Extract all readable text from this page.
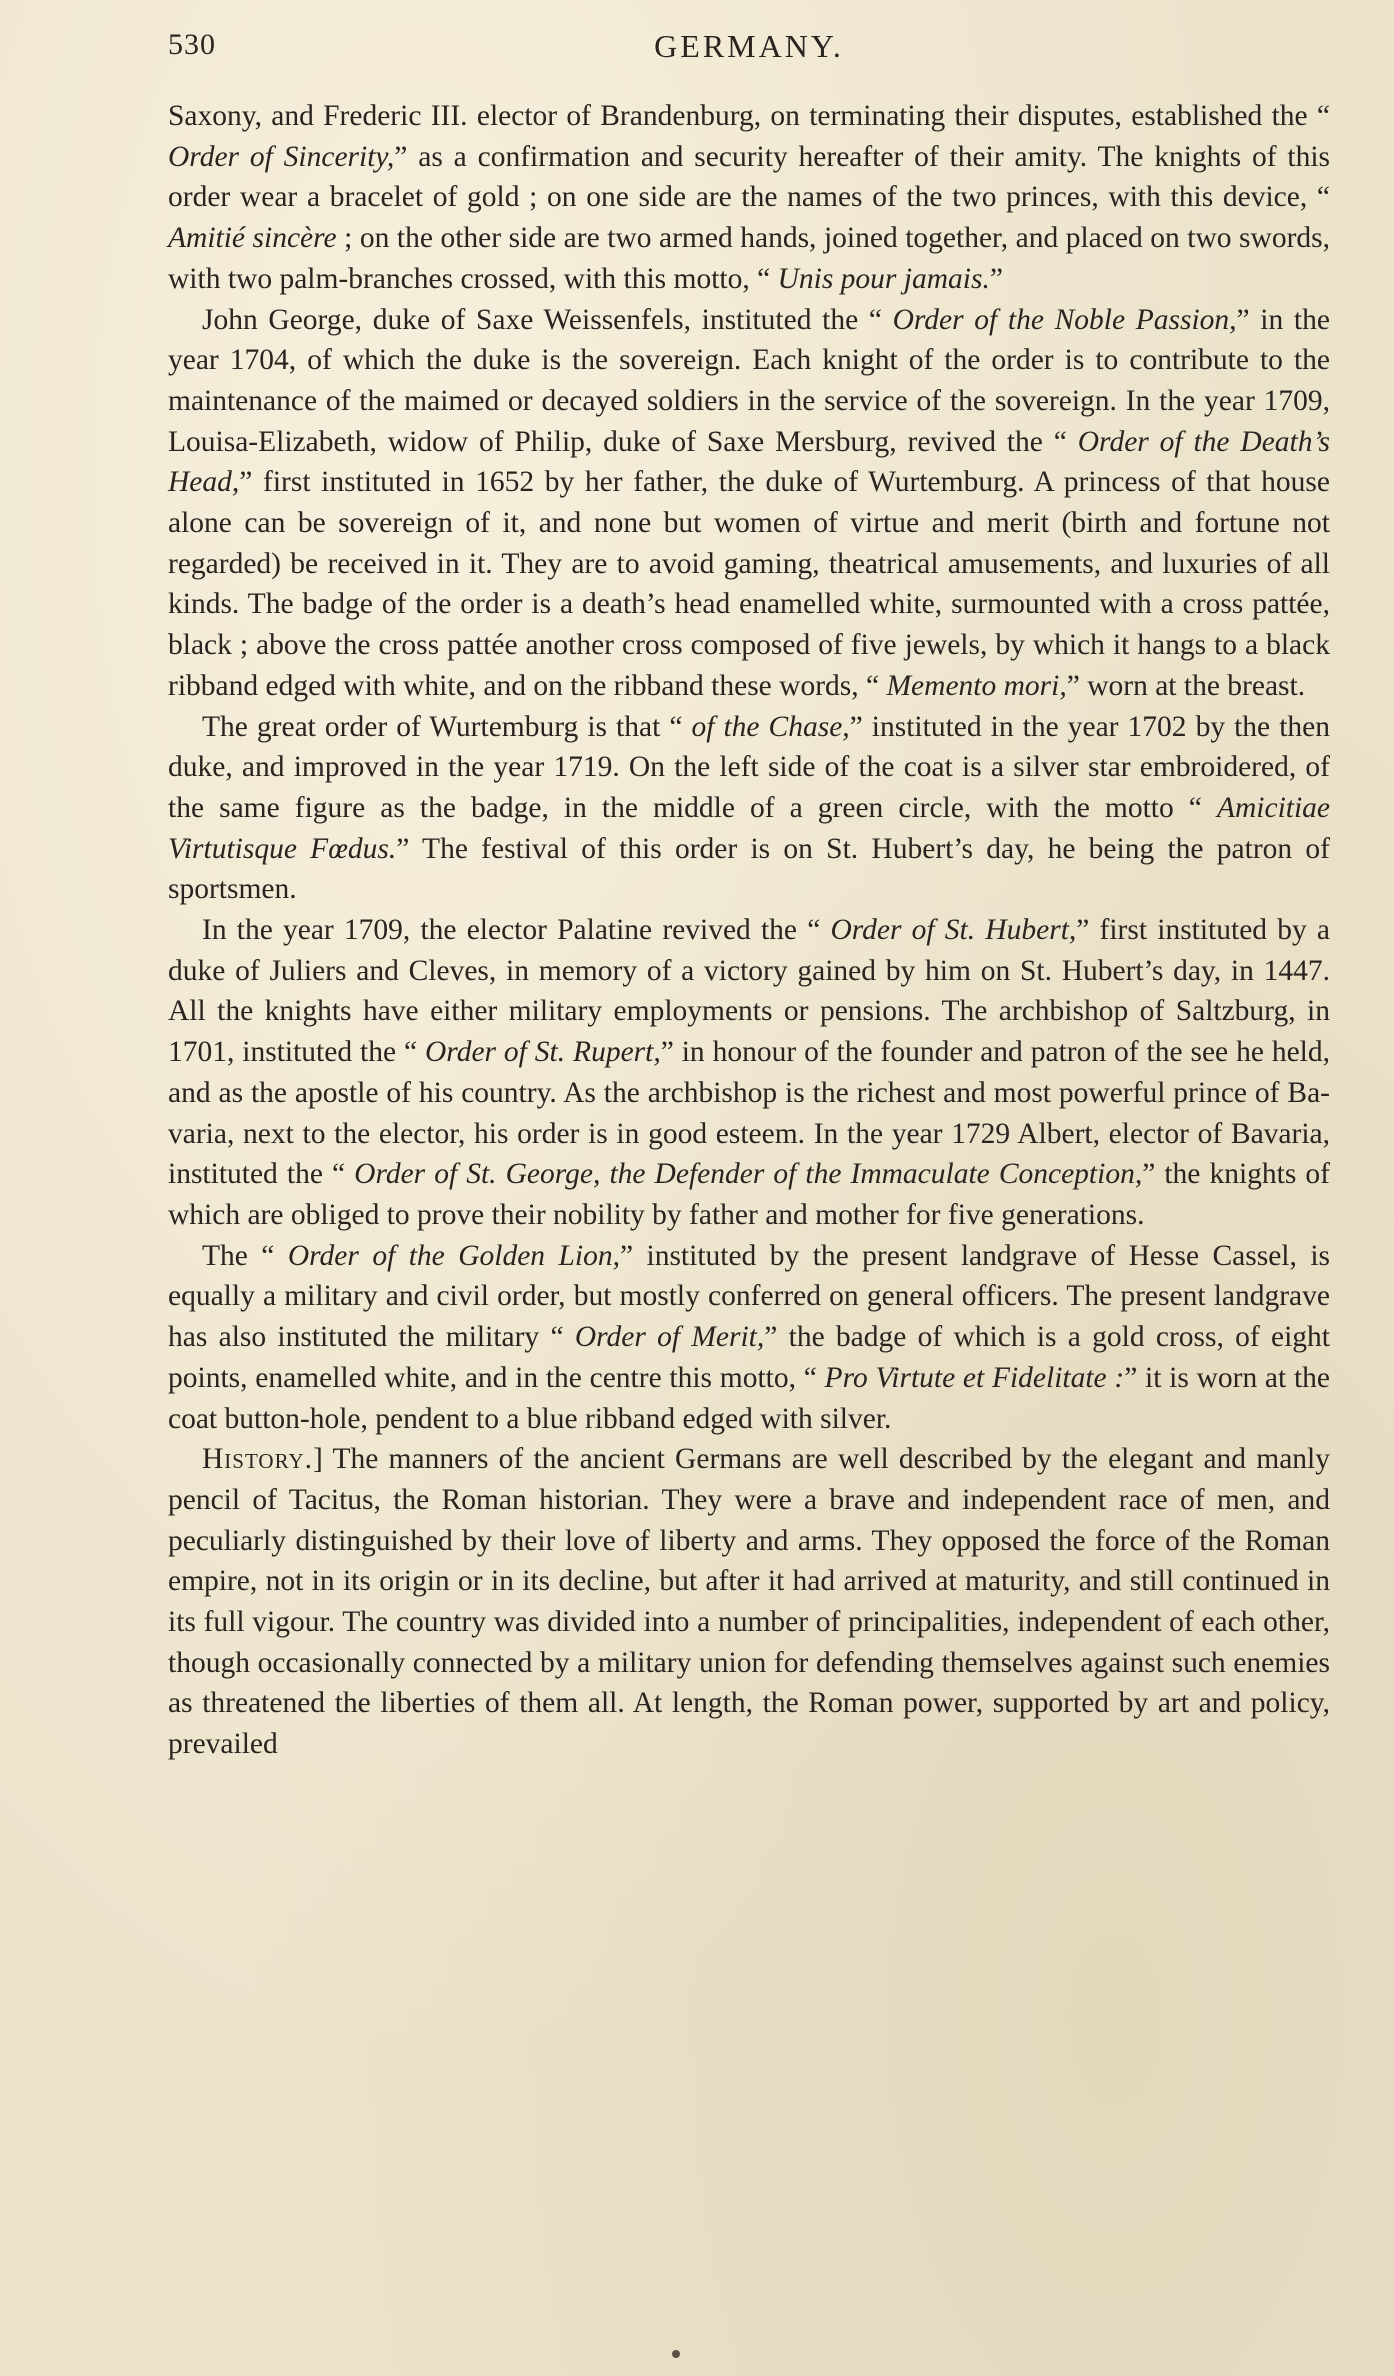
530	GERMANY.

Saxony, and Frederic III. elector of Brandenburg, on terminating their disputes, established the “ Order of Sincerity,” as a confirmation and security hereafter of their amity. The knights of this order wear a bracelet of gold ; on one side are the names of the two princes, with this device, “ Amitié sincère ; on the other side are two armed hands, joined together, and placed on two swords, with two palm-branches crossed, with this motto, “ Unis pour jamais.”

John George, duke of Saxe Weissenfels, instituted the “ Order of the Noble Passion,” in the year 1704, of which the duke is the sovereign. Each knight of the order is to contribute to the maintenance of the maimed or decayed soldiers in the service of the sovereign. In the year 1709, Louisa-Elizabeth, widow of Philip, duke of Saxe Mersburg, revived the “ Order of the Death’s Head,” first instituted in 1652 by her father, the duke of Wurtemburg. A princess of that house alone can be sovereign of it, and none but women of virtue and merit (birth and fortune not regarded) be received in it. They are to avoid gaming, theatrical amusements, and luxuries of all kinds. The badge of the order is a death’s head enamelled white, surmounted with a cross pattée, black ; above the cross pattée another cross composed of five jewels, by which it hangs to a black ribband edged with white, and on the ribband these words, “ Memento mori,” worn at the breast.

The great order of Wurtemburg is that “ of the Chase,” instituted in the year 1702 by the then duke, and improved in the year 1719. On the left side of the coat is a silver star embroidered, of the same figure as the badge, in the middle of a green circle, with the motto “ Amicitiae Virtutisque Fœdus.” The festival of this order is on St. Hubert’s day, he being the patron of sportsmen.

In the year 1709, the elector Palatine revived the “ Order of St. Hubert,” first instituted by a duke of Juliers and Cleves, in memory of a victory gained by him on St. Hubert’s day, in 1447. All the knights have either military employments or pensions. The archbishop of Saltzburg, in 1701, instituted the “ Order of St. Rupert,” in honour of the founder and patron of the see he held, and as the apostle of his country. As the archbishop is the richest and most powerful prince of Bavaria, next to the elector, his order is in good esteem. In the year 1729 Albert, elector of Bavaria, instituted the “ Order of St. George, the Defender of the Immaculate Conception,” the knights of which are obliged to prove their nobility by father and mother for five generations.

The “ Order of the Golden Lion,” instituted by the present landgrave of Hesse Cassel, is equally a military and civil order, but mostly conferred on general officers. The present landgrave has also instituted the military “ Order of Merit,” the badge of which is a gold cross, of eight points, enamelled white, and in the centre this motto, “ Pro Virtute et Fidelitate :” it is worn at the coat button-hole, pendent to a blue ribband edged with silver.

History.] The manners of the ancient Germans are well described by the elegant and manly pencil of Tacitus, the Roman historian. They were a brave and independent race of men, and peculiarly distinguished by their love of liberty and arms. They opposed the force of the Roman empire, not in its origin or in its decline, but after it had arrived at maturity, and still continued in its full vigour. The country was divided into a number of principalities, independent of each other, though occasionally connected by a military union for defending themselves against such enemies as threatened the liberties of them all. At length, the Roman power, supported by art and policy, prevailed
